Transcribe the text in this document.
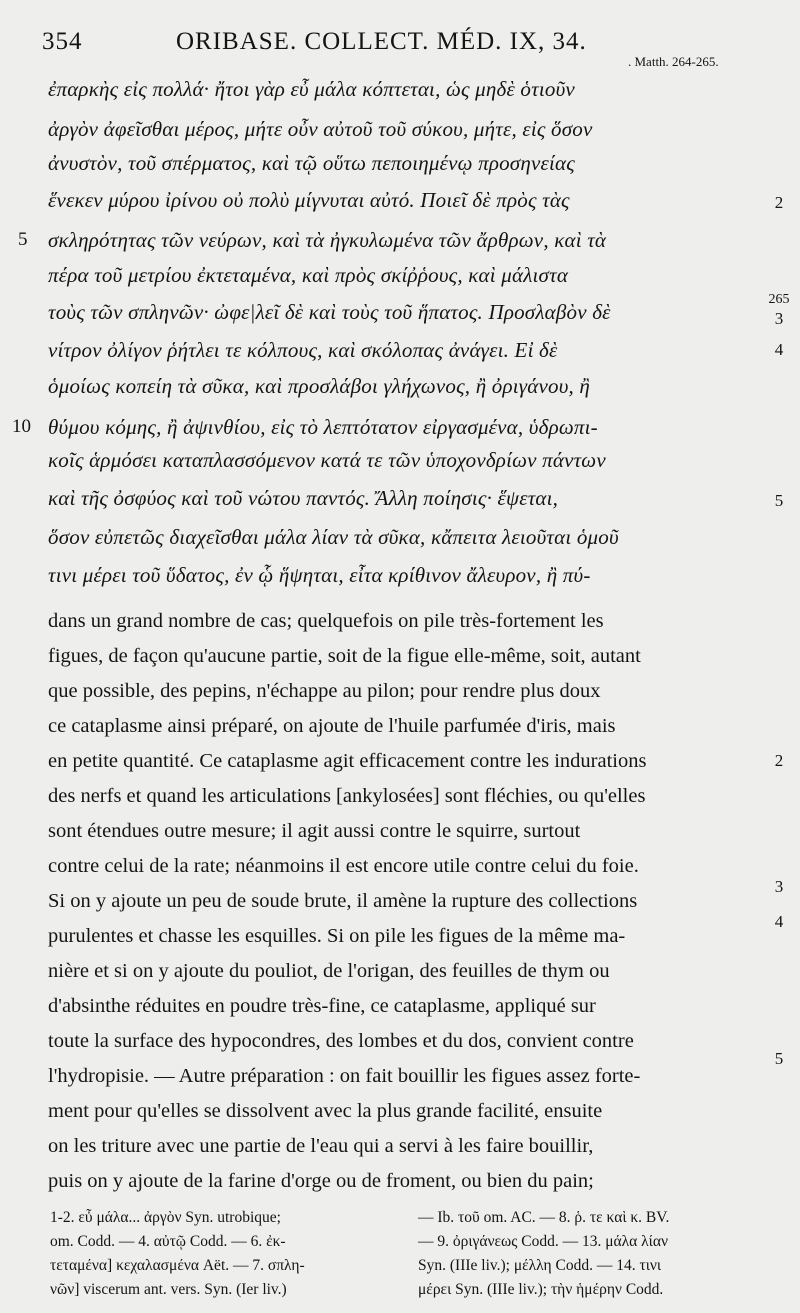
354	ORIBASE. COLLECT. MÉD. IX, 34.
. Matth. 264-265.
ἐπαρκὴς εἰς πολλά· ἤτοι γὰρ εὖ μάλα κόπτεται, ὡς μηδὲ ὁτιοῦν
ἀργὸν ἀφεῖσθαι μέρος, μήτε οὖν αὐτοῦ τοῦ σύκου, μήτε, εἰς ὅσον
ἀνυστὸν, τοῦ σπέρματος, καὶ τῷ οὕτω πεποιημένῳ προσηνείας
ἕνεκεν μύρου ἰρίνου οὐ πολὺ μίγνυται αὐτό. Ποιεῖ δὲ πρὸς τὰς
σκληρότητας τῶν νεύρων, καὶ τὰ ἠγκυλωμένα τῶν ἄρθρων, καὶ τὰ
πέρα τοῦ μετρίου ἐκτεταμένα, καὶ πρὸς σκίῤῥους, καὶ μάλιστα
τοὺς τῶν σπληνῶν· ὠφε|λεῖ δὲ καὶ τοὺς τοῦ ἥπατος. Προσλαβὸν δὲ
νίτρον ὀλίγον ῥήτλει τε κόλπους, καὶ σκόλοπας ἀνάγει. Εἰ δὲ
ὁμοίως κοπείη τὰ σῦκα, καὶ προσλάβοι γλήχωνος, ἢ ὀριγάνου, ἢ
θύμου κόμης, ἢ ἀψινθίου, εἰς τὸ λεπτότατον εἰργασμένα, ὑδρωπι-
κοῖς ἁρμόσει καταπλασσόμενον κατά τε τῶν ὑποχονδρίων πάντων
καὶ τῆς ὀσφύος καὶ τοῦ νώτου παντός. Ἄλλη ποίησις· ἕψεται,
ὅσον εὐπετῶς διαχεῖσθαι μάλα λίαν τὰ σῦκα, κἄπειτα λειοῦται ὁμοῦ
τινι μέρει τοῦ ὕδατος, ἐν ᾧ ἥψηται, εἶτα κρίθινον ἄλευρον, ἢ πύ-
5
10
2
265
3
4
5
dans un grand nombre de cas; quelquefois on pile très-fortement les
figues, de façon qu'aucune partie, soit de la figue elle-même, soit, autant
que possible, des pepins, n'échappe au pilon; pour rendre plus doux
ce cataplasme ainsi préparé, on ajoute de l'huile parfumée d'iris, mais
en petite quantité. Ce cataplasme agit efficacement contre les indurations
des nerfs et quand les articulations [ankylosées] sont fléchies, ou qu'elles
sont étendues outre mesure; il agit aussi contre le squirre, surtout
contre celui de la rate; néanmoins il est encore utile contre celui du foie.
Si on y ajoute un peu de soude brute, il amène la rupture des collections
purulentes et chasse les esquilles. Si on pile les figues de la même ma-
nière et si on y ajoute du pouliot, de l'origan, des feuilles de thym ou
d'absinthe réduites en poudre très-fine, ce cataplasme, appliqué sur
toute la surface des hypocondres, des lombes et du dos, convient contre
l'hydropisie. — Autre préparation : on fait bouillir les figues assez forte-
ment pour qu'elles se dissolvent avec la plus grande facilité, ensuite
on les triture avec une partie de l'eau qui a servi à les faire bouillir,
puis on y ajoute de la farine d'orge ou de froment, ou bien du pain;
2
3
4
5
1-2. εὖ μάλα... ἀργὸν Syn. utrobique;
om. Codd. — 4. αὐτῷ Codd. — 6. ἐκ-
τεταμένα] κεχαλασμένα Aët. — 7. σπλη-
νῶν] viscerum ant. vers. Syn. (Ier liv.)
— Ib. τοῦ om. AC. — 8. ῥ. τε καὶ κ. BV.
— 9. ὀριγάνεως Codd. — 13. μάλα λίαν
Syn. (IIIe liv.); μέλλη Codd. — 14. τινι
μέρει Syn. (IIIe liv.); τὴν ἡμέρην Codd.
